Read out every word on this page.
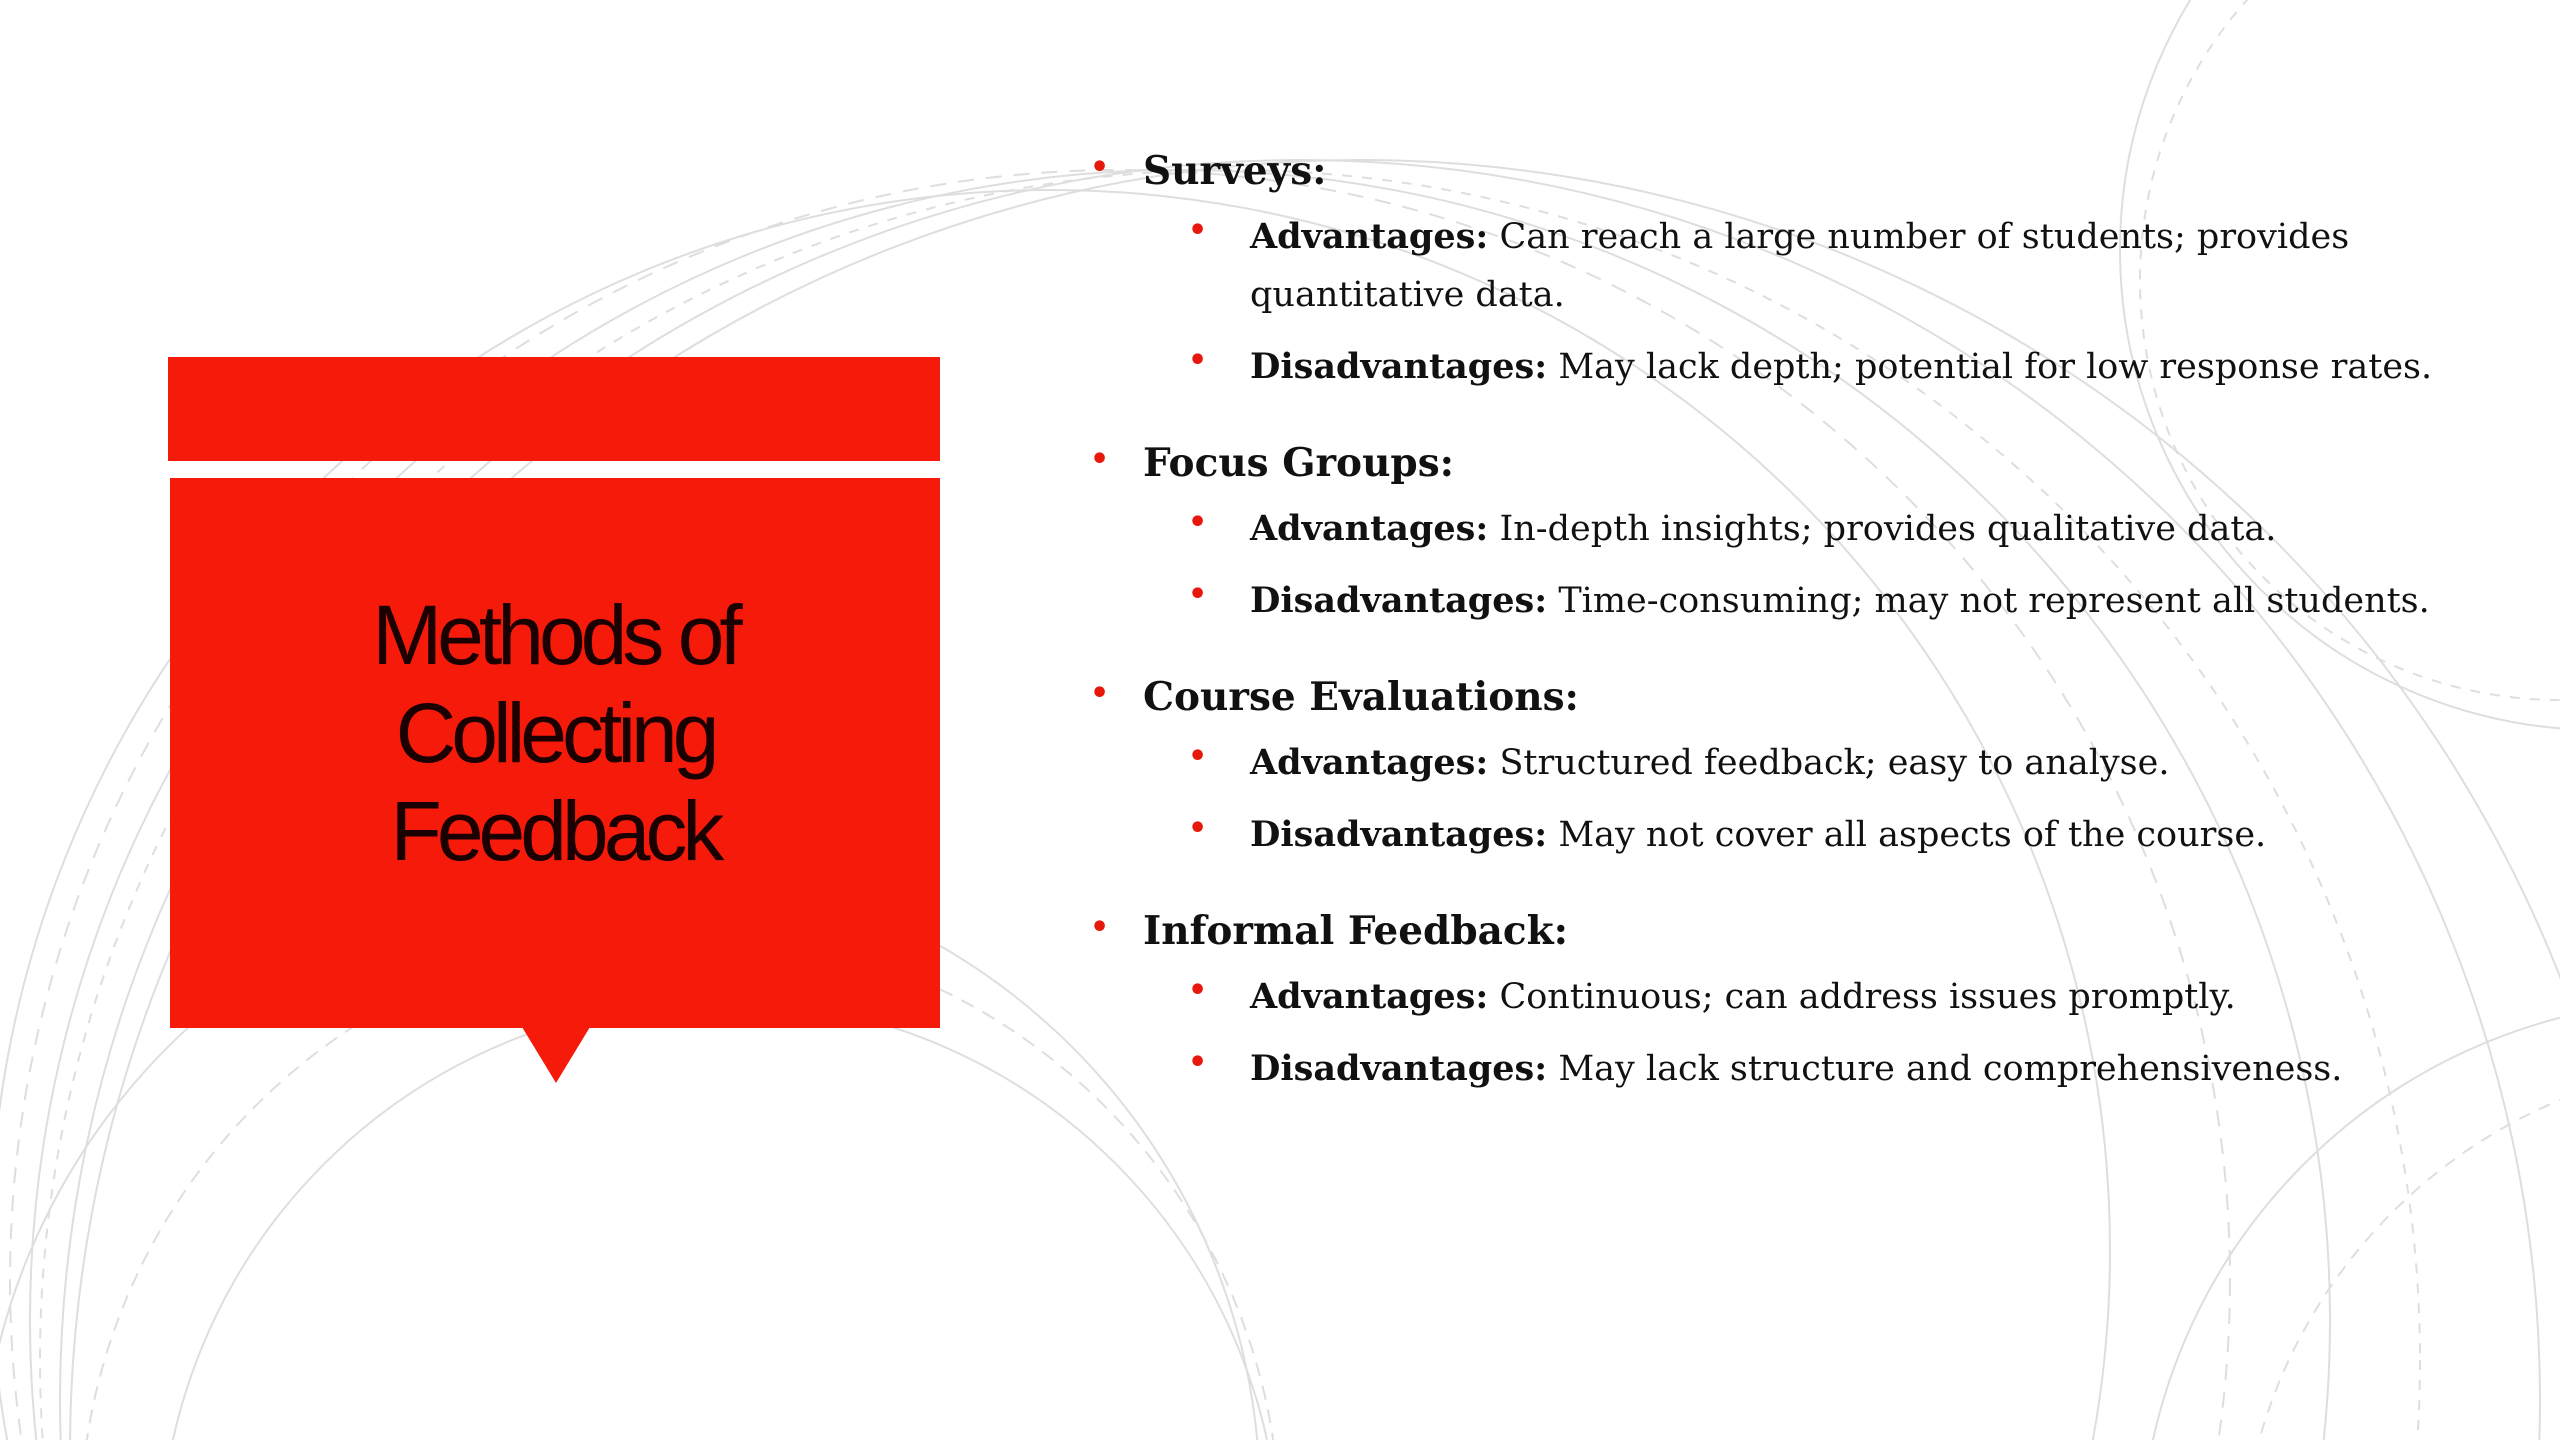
Methods of
Collecting
Feedback
• Surveys:
• Advantages: Can reach a large number of students; provides quantitative data.
• Disadvantages: May lack depth; potential for low response rates.
• Focus Groups:
• Advantages: In-depth insights; provides qualitative data.
• Disadvantages: Time-consuming; may not represent all students.
• Course Evaluations:
• Advantages: Structured feedback; easy to analyse.
• Disadvantages: May not cover all aspects of the course.
• Informal Feedback:
• Advantages: Continuous; can address issues promptly.
• Disadvantages: May lack structure and comprehensiveness.
